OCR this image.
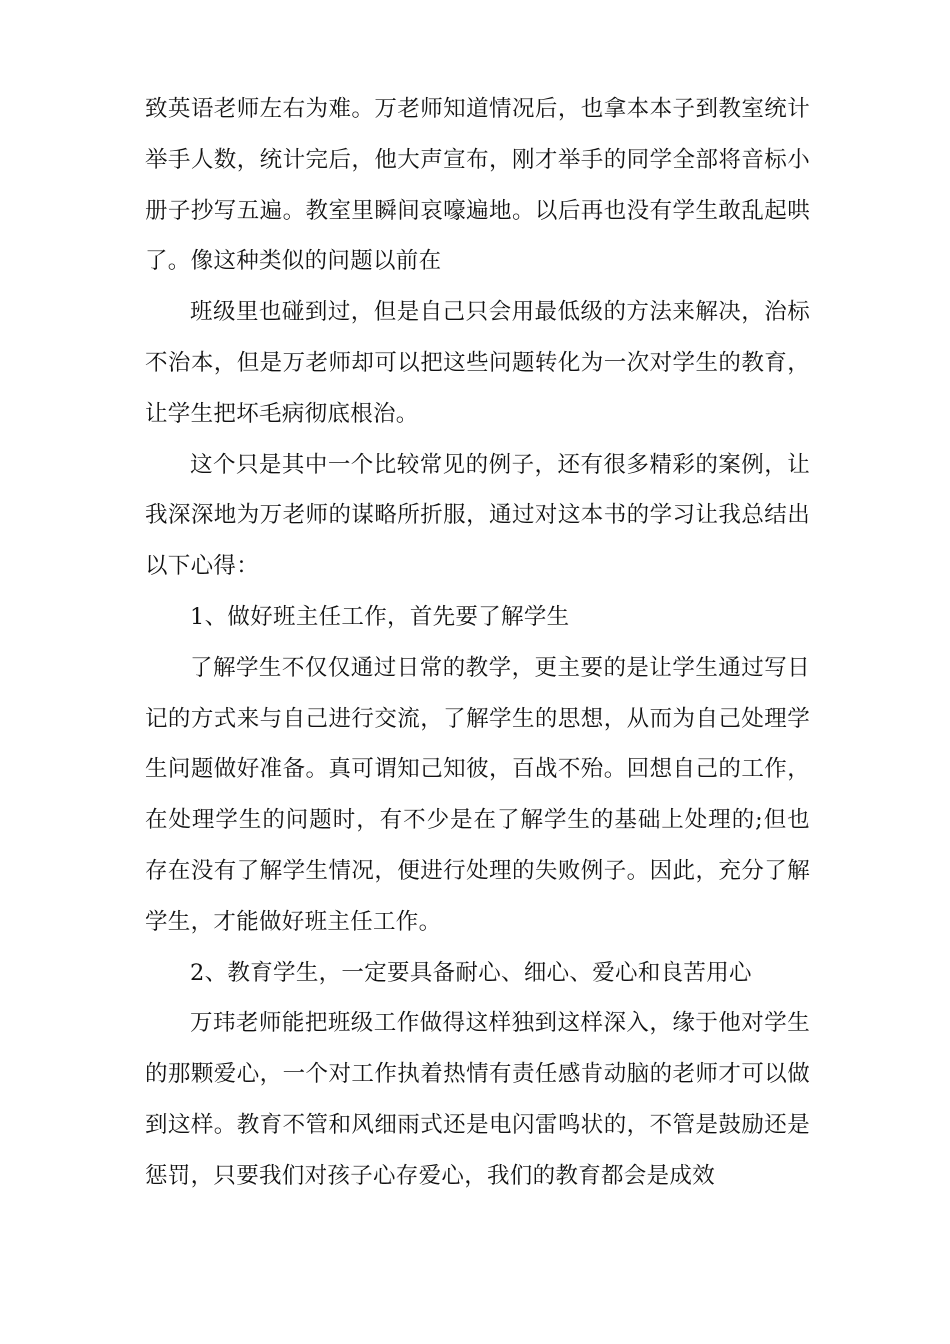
致英语老师左右为难。万老师知道情况后，也拿本本子到教室统计举手人数，统计完后，他大声宣布，刚才举手的同学全部将音标小册子抄写五遍。教室里瞬间哀嚎遍地。以后再也没有学生敢乱起哄了。像这种类似的问题以前在

班级里也碰到过，但是自己只会用最低级的方法来解决，治标不治本，但是万老师却可以把这些问题转化为一次对学生的教育，让学生把坏毛病彻底根治。

这个只是其中一个比较常见的例子，还有很多精彩的案例，让我深深地为万老师的谋略所折服，通过对这本书的学习让我总结出以下心得：

1、做好班主任工作，首先要了解学生

了解学生不仅仅通过日常的教学，更主要的是让学生通过写日记的方式来与自己进行交流，了解学生的思想，从而为自己处理学生问题做好准备。真可谓知己知彼，百战不殆。回想自己的工作，在处理学生的问题时，有不少是在了解学生的基础上处理的;但也存在没有了解学生情况，便进行处理的失败例子。因此，充分了解学生，才能做好班主任工作。

2、教育学生，一定要具备耐心、细心、爱心和良苦用心

万玮老师能把班级工作做得这样独到这样深入，缘于他对学生的那颗爱心，一个对工作执着热情有责任感肯动脑的老师才可以做到这样。教育不管和风细雨式还是电闪雷鸣状的，不管是鼓励还是惩罚，只要我们对孩子心存爱心，我们的教育都会是成效
